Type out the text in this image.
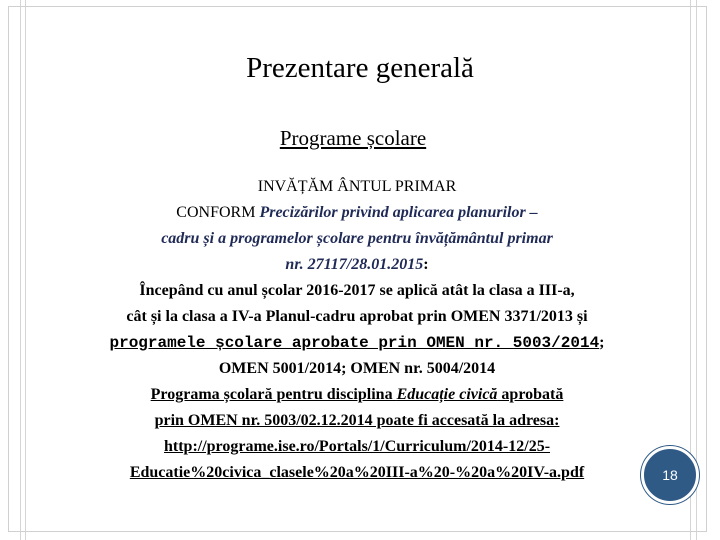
Prezentare generală
Programe școlare
INVĂȚĂM ÂNTUL PRIMAR
CONFORM Precizărilor privind aplicarea planurilor –
cadru și a programelor școlare pentru învățământul primar
nr. 27117/28.01.2015:
Începând cu anul școlar 2016-2017 se aplică atât la clasa a III-a,
cât și la clasa a IV-a Planul-cadru aprobat prin OMEN 3371/2013 și
programele școlare aprobate prin OMEN nr. 5003/2014;
OMEN 5001/2014; OMEN nr. 5004/2014
Programa școlară pentru disciplina Educație civică aprobată
prin OMEN nr. 5003/02.12.2014 poate fi accesată la adresa:
http://programe.ise.ro/Portals/1/Curriculum/2014-12/25-
Educatie%20civica_clasele%20a%20III-a%20-%20a%20IV-a.pdf	18
